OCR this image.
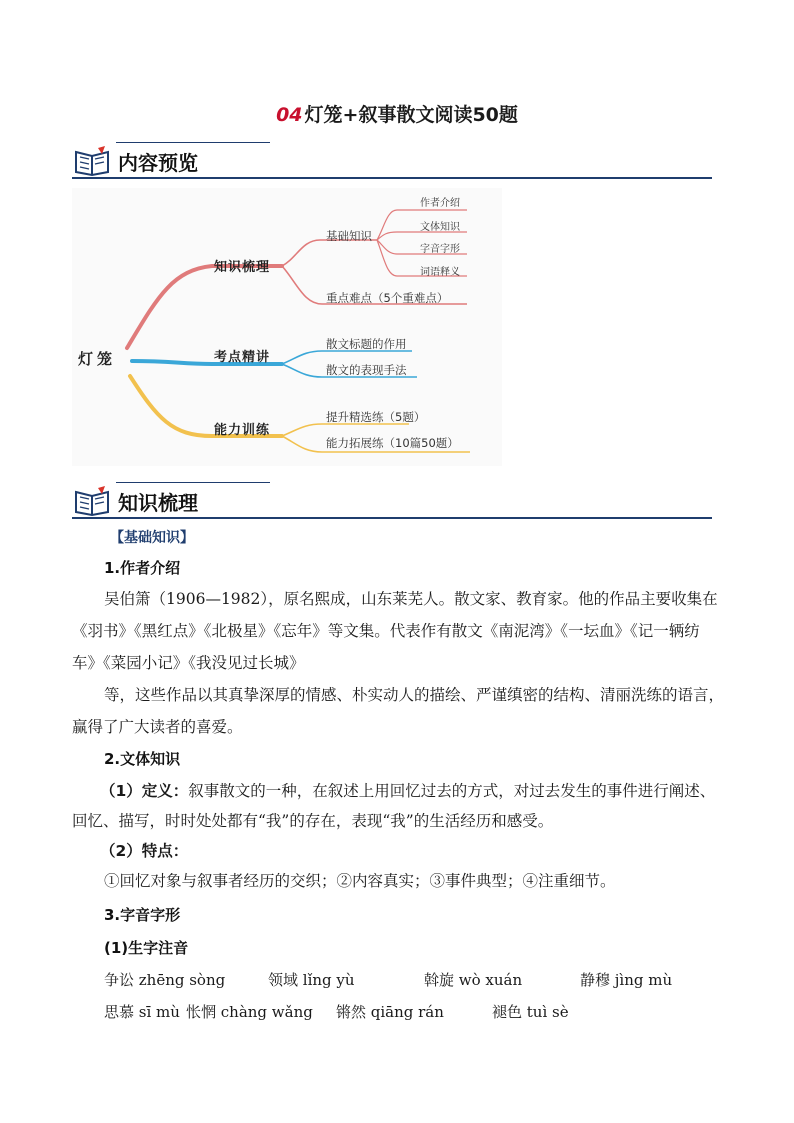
04 灯笼+叙事散文阅读50题
内容预览
灯笼
知识梳理
基础知识
作者介绍
文体知识
字音字形
词语释义
重点难点（5个重难点）
考点精讲
散文标题的作用
散文的表现手法
能力训练
提升精选练（5题）
能力拓展练（10篇50题）
知识梳理
【基础知识】
1.作者介绍
吴伯箫（1906—1982），原名熙成，山东莱芜人。散文家、教育家。他的作品主要收集在
《羽书》《黑红点》《北极星》《忘年》等文集。代表作有散文《南泥湾》《一坛血》《记一辆纺
车》《菜园小记》《我没见过长城》
等，这些作品以其真挚深厚的情感、朴实动人的描绘、严谨缜密的结构、清丽洗练的语言，
赢得了广大读者的喜爱。
2.文体知识
（1）定义：叙事散文的一种，在叙述上用回忆过去的方式，对过去发生的事件进行阐述、
回忆、描写，时时处处都有“我”的存在，表现“我”的生活经历和感受。
（2）特点：
①回忆对象与叙事者经历的交织；②内容真实；③事件典型；④注重细节。
3.字音字形
(1)生字注音
争讼 zhēng sòng	领域 lǐng yù	斡旋 wò xuán	静穆 jìng mù
思慕 sī mù 怅惘 chàng wǎng 锵然 qiāng rán	褪色 tuì sè
